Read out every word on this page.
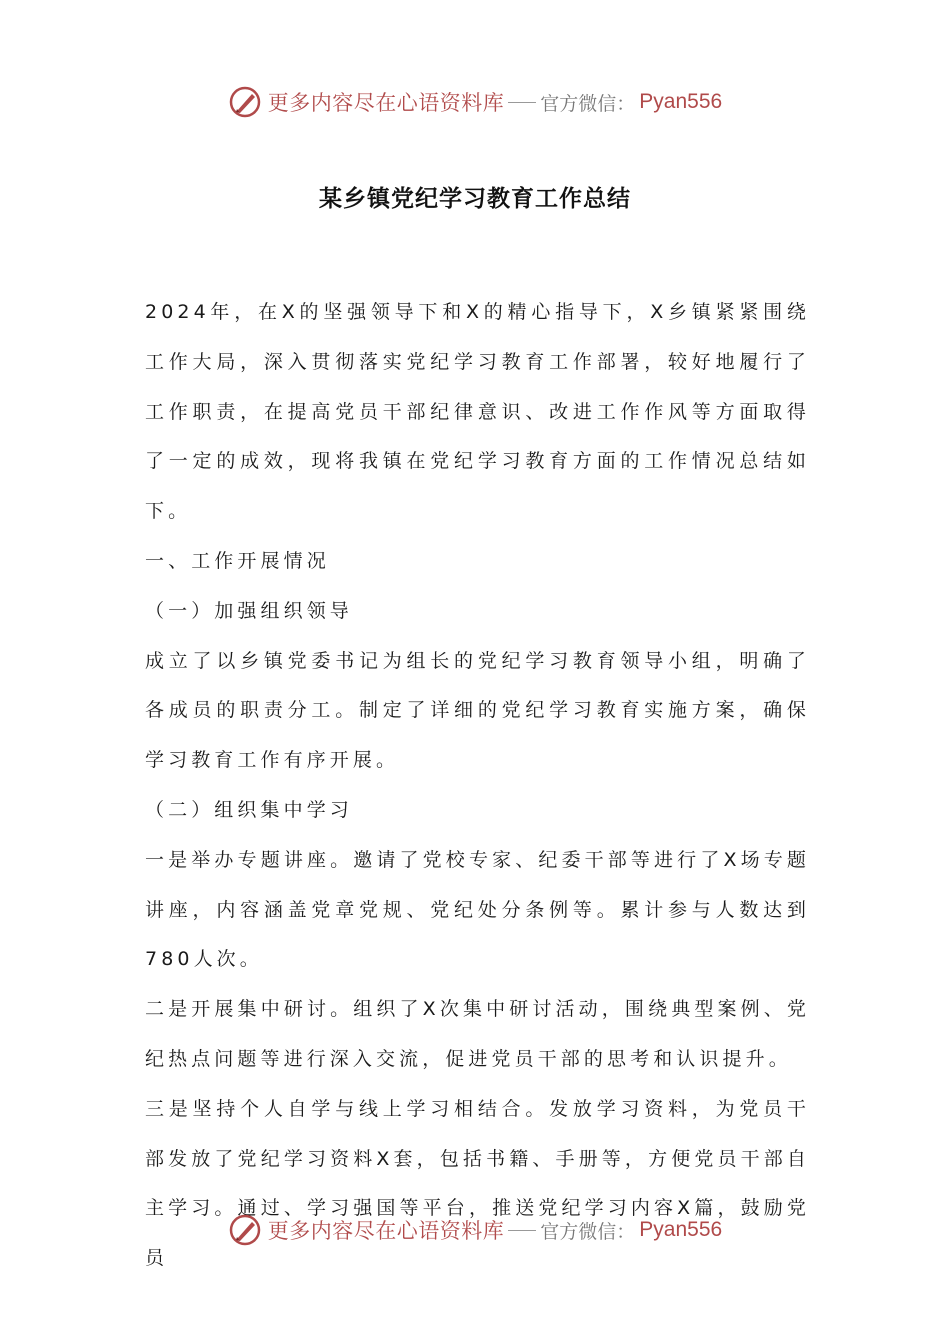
更多内容尽在心语资料库 官方微信： Pyan556
某乡镇党纪学习教育工作总结

2024年，在X的坚强领导下和X的精心指导下，X乡镇紧紧围绕工作大局，深入贯彻落实党纪学习教育工作部署，较好地履行了工作职责，在提高党员干部纪律意识、改进工作作风等方面取得了一定的成效，现将我镇在党纪学习教育方面的工作情况总结如下。

一、工作开展情况

（一）加强组织领导

成立了以乡镇党委书记为组长的党纪学习教育领导小组，明确了各成员的职责分工。制定了详细的党纪学习教育实施方案，确保学习教育工作有序开展。

（二）组织集中学习

一是举办专题讲座。邀请了党校专家、纪委干部等进行了X场专题讲座，内容涵盖党章党规、党纪处分条例等。累计参与人数达到780人次。

二是开展集中研讨。组织了X次集中研讨活动，围绕典型案例、党纪热点问题等进行深入交流，促进党员干部的思考和认识提升。

三是坚持个人自学与线上学习相结合。发放学习资料，为党员干部发放了党纪学习资料X套，包括书籍、手册等，方便党员干部自主学习。通过、学习强国等平台，推送党纪学习内容X篇，鼓励党员

更多内容尽在心语资料库 官方微信： Pyan556
